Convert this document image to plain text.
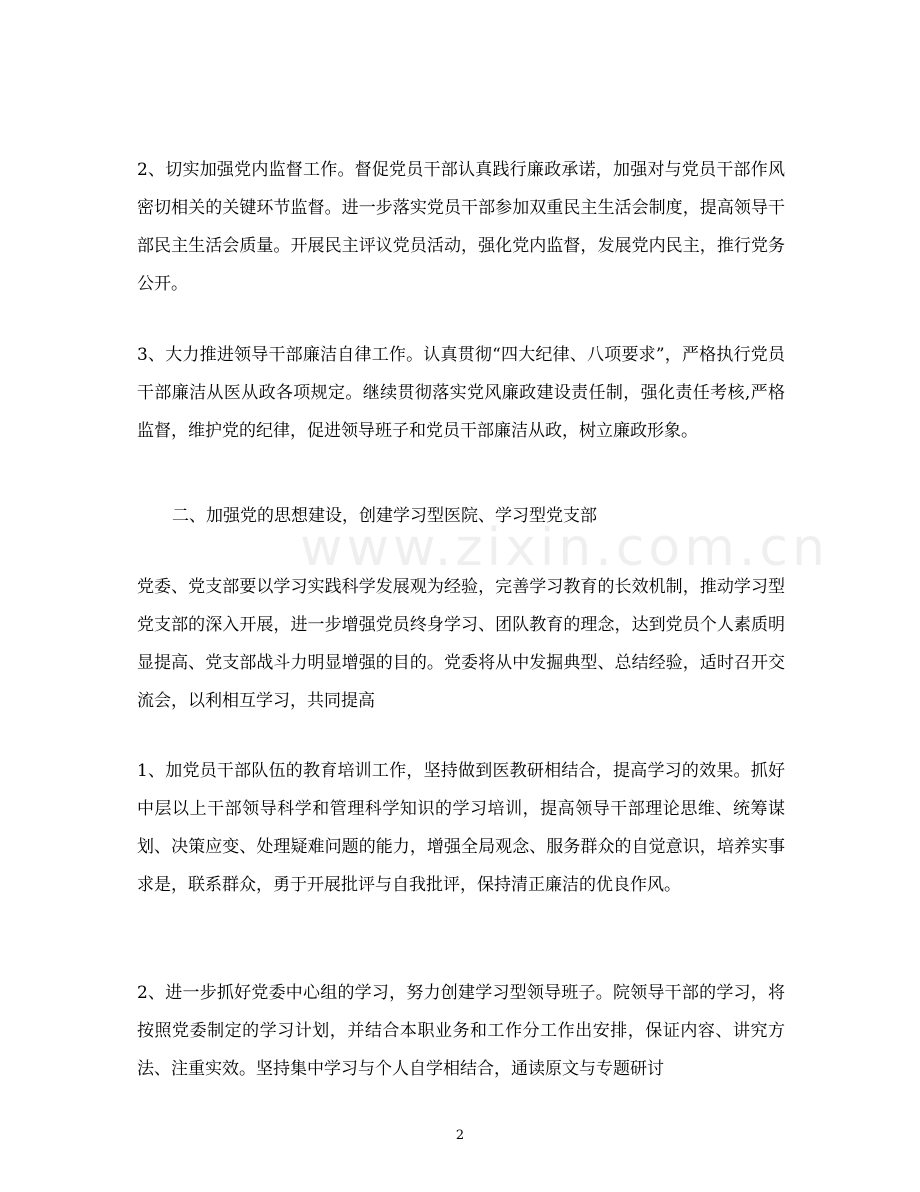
www.zixin.com.cn

2、切实加强党内监督工作。督促党员干部认真践行廉政承诺，加强对与党员干部作风密切相关的关键环节监督。进一步落实党员干部参加双重民主生活会制度，提高领导干部民主生活会质量。开展民主评议党员活动，强化党内监督，发展党内民主，推行党务公开。

3、大力推进领导干部廉洁自律工作。认真贯彻“四大纪律、八项要求”，严格执行党员干部廉洁从医从政各项规定。继续贯彻落实党风廉政建设责任制，强化责任考核,严格监督，维护党的纪律，促进领导班子和党员干部廉洁从政，树立廉政形象。

二、加强党的思想建设，创建学习型医院、学习型党支部

党委、党支部要以学习实践科学发展观为经验，完善学习教育的长效机制，推动学习型党支部的深入开展，进一步增强党员终身学习、团队教育的理念，达到党员个人素质明显提高、党支部战斗力明显增强的目的。党委将从中发掘典型、总结经验，适时召开交流会，以利相互学习，共同提高

1、加党员干部队伍的教育培训工作，坚持做到医教研相结合，提高学习的效果。抓好中层以上干部领导科学和管理科学知识的学习培训，提高领导干部理论思维、统筹谋划、决策应变、处理疑难问题的能力，增强全局观念、服务群众的自觉意识，培养实事求是，联系群众，勇于开展批评与自我批评，保持清正廉洁的优良作风。

2、进一步抓好党委中心组的学习，努力创建学习型领导班子。院领导干部的学习，将按照党委制定的学习计划，并结合本职业务和工作分工作出安排，保证内容、讲究方法、注重实效。坚持集中学习与个人自学相结合，通读原文与专题研讨

2
